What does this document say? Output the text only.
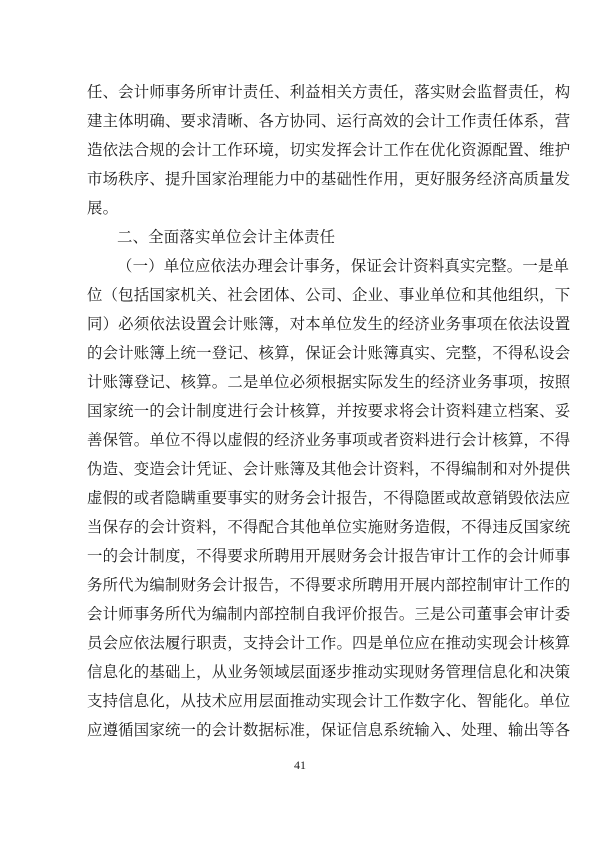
任、会计师事务所审计责任、利益相关方责任，落实财会监督责任，构
建主体明确、要求清晰、各方协同、运行高效的会计工作责任体系，营
造依法合规的会计工作环境，切实发挥会计工作在优化资源配置、维护
市场秩序、提升国家治理能力中的基础性作用，更好服务经济高质量发
展。
二、全面落实单位会计主体责任
（一）单位应依法办理会计事务，保证会计资料真实完整。一是单
位（包括国家机关、社会团体、公司、企业、事业单位和其他组织，下
同）必须依法设置会计账簿，对本单位发生的经济业务事项在依法设置
的会计账簿上统一登记、核算，保证会计账簿真实、完整，不得私设会
计账簿登记、核算。二是单位必须根据实际发生的经济业务事项，按照
国家统一的会计制度进行会计核算，并按要求将会计资料建立档案、妥
善保管。单位不得以虚假的经济业务事项或者资料进行会计核算，不得
伪造、变造会计凭证、会计账簿及其他会计资料，不得编制和对外提供
虚假的或者隐瞒重要事实的财务会计报告，不得隐匿或故意销毁依法应
当保存的会计资料，不得配合其他单位实施财务造假，不得违反国家统
一的会计制度，不得要求所聘用开展财务会计报告审计工作的会计师事
务所代为编制财务会计报告，不得要求所聘用开展内部控制审计工作的
会计师事务所代为编制内部控制自我评价报告。三是公司董事会审计委
员会应依法履行职责，支持会计工作。四是单位应在推动实现会计核算
信息化的基础上，从业务领域层面逐步推动实现财务管理信息化和决策
支持信息化，从技术应用层面推动实现会计工作数字化、智能化。单位
应遵循国家统一的会计数据标准，保证信息系统输入、处理、输出等各
41
